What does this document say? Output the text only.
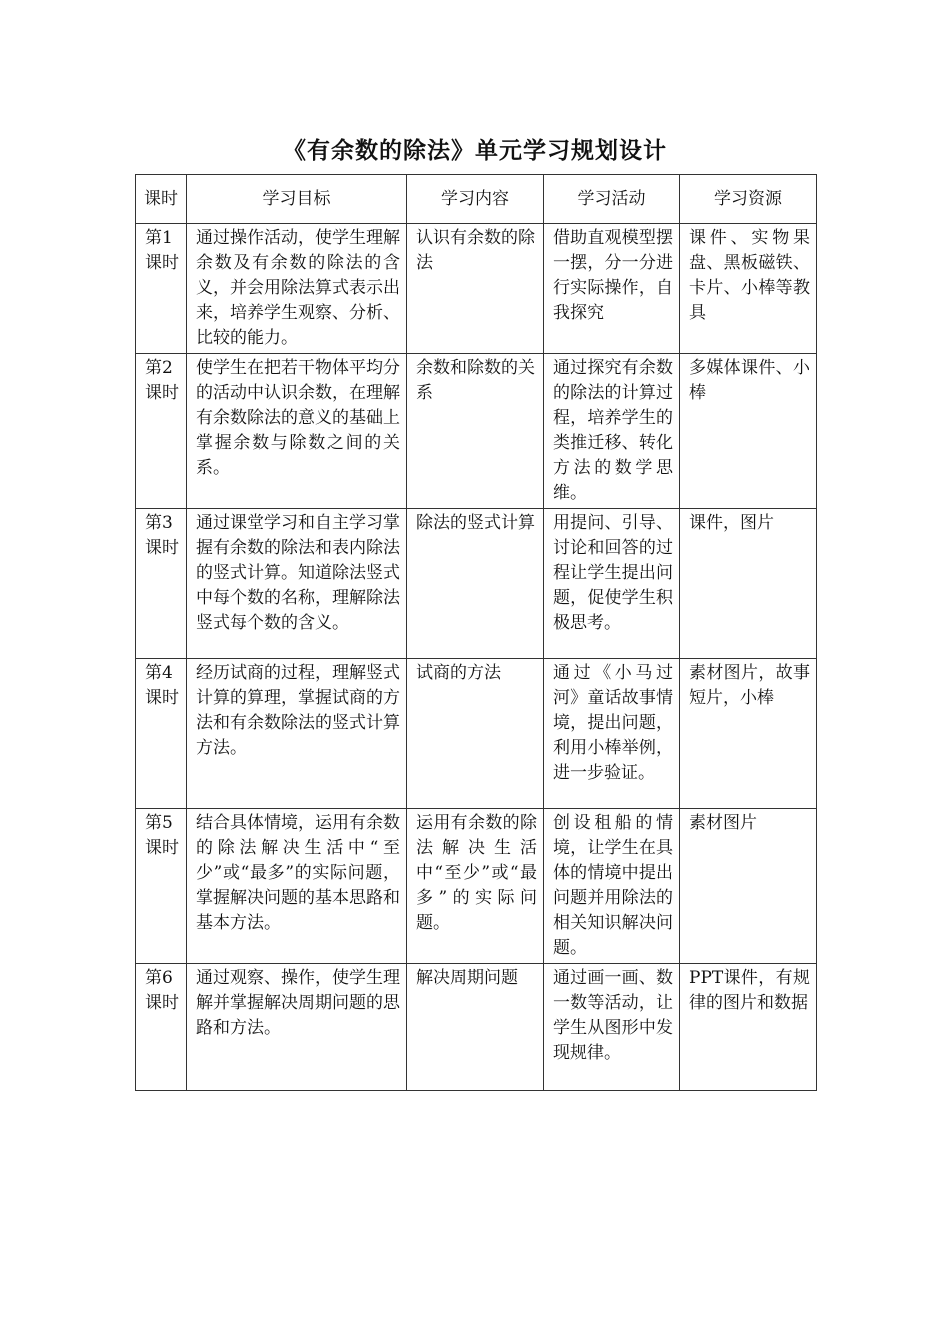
《有余数的除法》单元学习规划设计
课时	学习目标	学习内容	学习活动	学习资源
第1课时	通过操作活动，使学生理解余数及有余数的除法的含义，并会用除法算式表示出来，培养学生观察、分析、比较的能力。	认识有余数的除法	借助直观模型摆一摆，分一分进行实际操作，自我探究	课件、实物果盘、黑板磁铁、卡片、小棒等教具

第2课时	使学生在把若干物体平均分的活动中认识余数，在理解有余数除法的意义的基础上掌握余数与除数之间的关系。	余数和除数的关系	通过探究有余数的除法的计算过程，培养学生的类推迁移、转化方法的数学思维。	多媒体课件、小棒

第3课时	通过课堂学习和自主学习掌握有余数的除法和表内除法的竖式计算。知道除法竖式中每个数的名称，理解除法竖式每个数的含义。	除法的竖式计算	用提问、引导、讨论和回答的过程让学生提出问题，促使学生积极思考。	课件，图片

第4课时	经历试商的过程，理解竖式计算的算理，掌握试商的方法和有余数除法的竖式计算方法。	试商的方法	通过《小马过河》童话故事情境，提出问题，利用小棒举例，进一步验证。	素材图片，故事短片，小棒

第5课时	结合具体情境，运用有余数的除法解决生活中“至少”或“最多”的实际问题，掌握解决问题的基本思路和基本方法。	运用有余数的除法解决生活中“至少”或“最多”的实际问题。	创设租船的情境，让学生在具体的情境中提出问题并用除法的相关知识解决问题。	素材图片

第6课时	通过观察、操作，使学生理解并掌握解决周期问题的思路和方法。	解决周期问题	通过画一画、数一数等活动，让学生从图形中发现规律。	PPT课件，有规律的图片和数据
